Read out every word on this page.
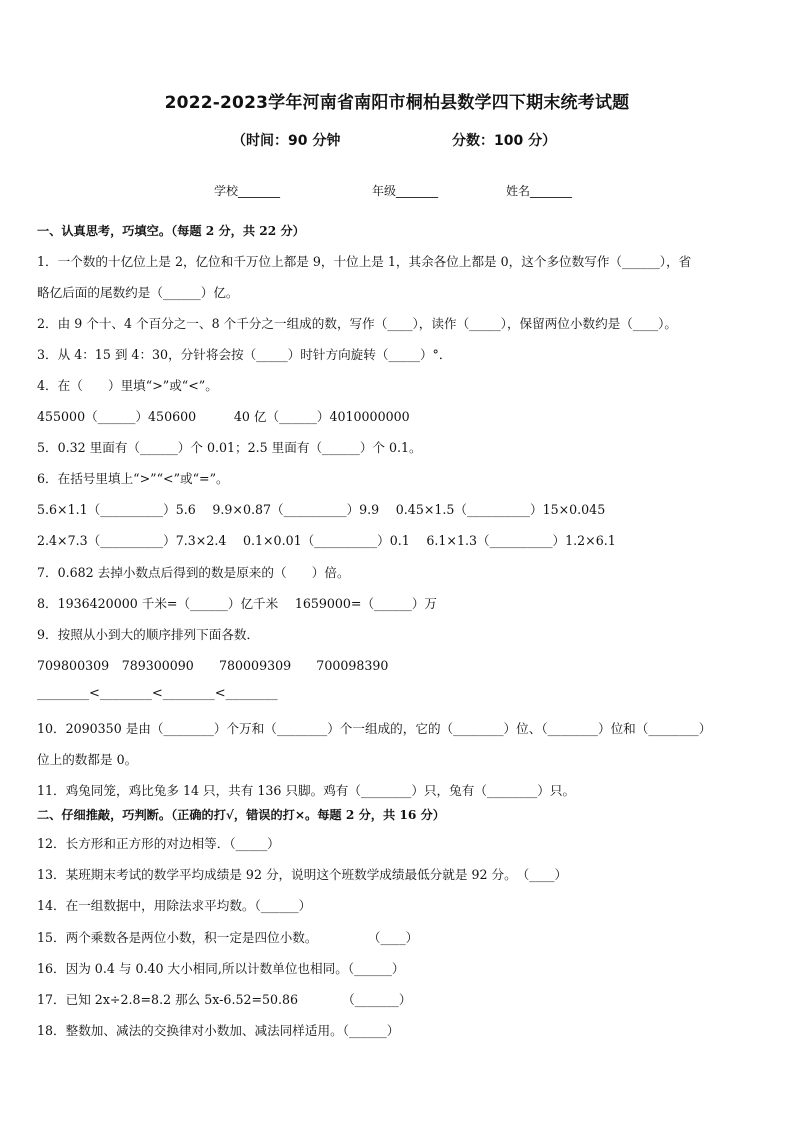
2022-2023学年河南省南阳市桐柏县数学四下期末统考试题
（时间：90 分钟	分数：100 分）
学校_______	年级_______	姓名_______
一、认真思考，巧填空。（每题 2 分，共 22 分）
1．一个数的十亿位上是 2，亿位和千万位上都是 9，十位上是 1，其余各位上都是 0，这个多位数写作（______），省
略亿后面的尾数约是（______）亿。
2．由 9 个十、4 个百分之一、8 个千分之一组成的数，写作（____），读作（_____），保留两位小数约是（____）。
3．从 4：15 到 4：30，分针将会按（_____）时针方向旋转（_____）°．
4．在（　　）里填“>”或“<”。
455000（______）450600　　　40 亿（______）4010000000
5．0.32 里面有（______）个 0.01；2.5 里面有（______）个 0.1。
6．在括号里填上“>”“<”或“=”。
5.6×1.1（__________）5.6　 9.9×0.87（__________）9.9　 0.45×1.5（__________）15×0.045
2.4×7.3（__________）7.3×2.4　 0.1×0.01（__________）0.1　 6.1×1.3（__________）1.2×6.1
7．0.682 去掉小数点后得到的数是原来的（　　）倍。
8．1936420000 千米=（______）亿千米　 1659000=（______）万
9．按照从小到大的顺序排列下面各数．
709800309　789300090　　780009309　　700098390
________<________<________<________
10．2090350 是由（________）个万和（________）个一组成的，它的（________）位、（________）位和（________）
位上的数都是 0。
11．鸡兔同笼，鸡比兔多 14 只，共有 136 只脚。鸡有（________）只，兔有（________）只。
二、仔细推敲，巧判断。（正确的打√，错误的打×。每题 2 分，共 16 分）
12．长方形和正方形的对边相等．（_____）
13．某班期末考试的数学平均成绩是 92 分，说明这个班数学成绩最低分就是 92 分。　（____）
14．在一组数据中，用除法求平均数。（______）
15．两个乘数各是两位小数，积一定是四位小数。　　　　　（____）
16．因为 0.4 与 0.40 大小相同,所以计数单位也相同。（______）
17．已知 2x÷2.8=8.2 那么 5x-6.52=50.86　　　　（_______）
18．整数加、减法的交换律对小数加、减法同样适用。（______）
